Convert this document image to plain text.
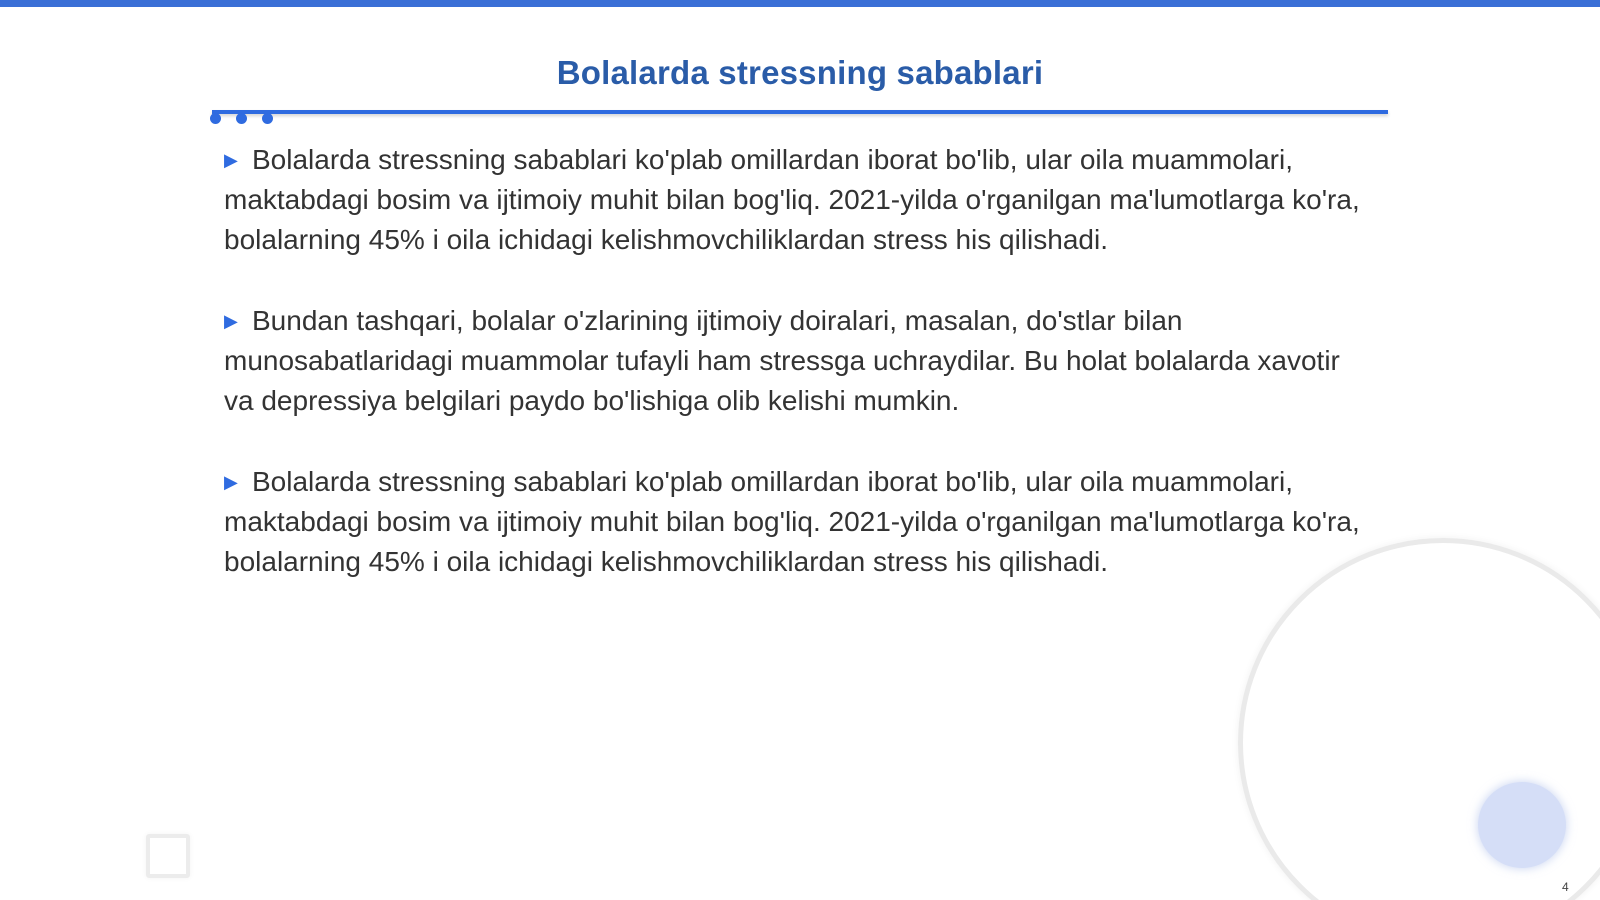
Bolalarda stressning sabablari

▶ Bolalarda stressning sabablari ko'plab omillardan iborat bo'lib, ular oila muammolari, maktabdagi bosim va ijtimoiy muhit bilan bog'liq. 2021-yilda o'rganilgan ma'lumotlarga ko'ra, bolalarning 45% i oila ichidagi kelishmovchiliklardan stress his qilishadi.

▶ Bundan tashqari, bolalar o'zlarining ijtimoiy doiralari, masalan, do'stlar bilan munosabatlaridagi muammolar tufayli ham stressga uchraydilar. Bu holat bolalarda xavotir va depressiya belgilari paydo bo'lishiga olib kelishi mumkin.

▶ Bolalarda stressning sabablari ko'plab omillardan iborat bo'lib, ular oila muammolari, maktabdagi bosim va ijtimoiy muhit bilan bog'liq. 2021-yilda o'rganilgan ma'lumotlarga ko'ra, bolalarning 45% i oila ichidagi kelishmovchiliklardan stress his qilishadi.

4
